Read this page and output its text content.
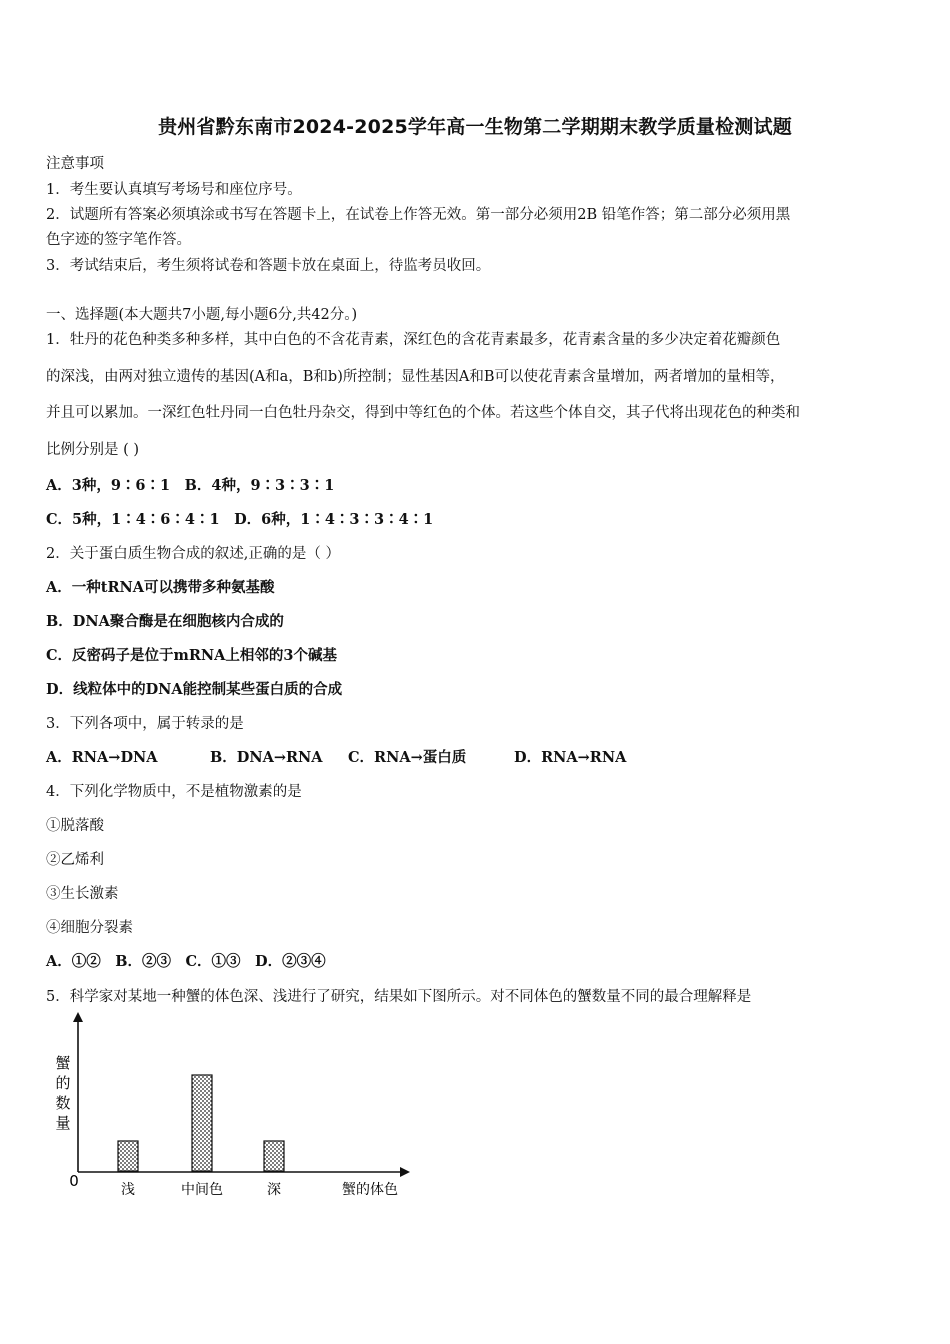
贵州省黔东南市2024-2025学年高一生物第二学期期末教学质量检测试题
注意事项
1．考生要认真填写考场号和座位序号。
2．试题所有答案必须填涂或书写在答题卡上，在试卷上作答无效。第一部分必须用2B 铅笔作答；第二部分必须用黑
色字迹的签字笔作答。
3．考试结束后，考生须将试卷和答题卡放在桌面上，待监考员收回。
一、选择题(本大题共7小题,每小题6分,共42分。)
1．牡丹的花色种类多种多样，其中白色的不含花青素，深红色的含花青素最多，花青素含量的多少决定着花瓣颜色
的深浅，由两对独立遗传的基因(A和a，B和b)所控制；显性基因A和B可以使花青素含量增加，两者增加的量相等，
并且可以累加。一深红色牡丹同一白色牡丹杂交，得到中等红色的个体。若这些个体自交，其子代将出现花色的种类和
比例分别是 ( )
A．3种，9∶6∶1　B．4种，9∶3∶3∶1
C．5种，1∶4∶6∶4∶1　D．6种，1∶4∶3∶3∶4∶1
2．关于蛋白质生物合成的叙述,正确的是（ ）
A．一种tRNA可以携带多种氨基酸
B．DNA聚合酶是在细胞核内合成的
C．反密码子是位于mRNA上相邻的3个碱基
D．线粒体中的DNA能控制某些蛋白质的合成
3．下列各项中，属于转录的是
A．RNA→DNA	B．DNA→RNA C．RNA→蛋白质	D．RNA→RNA
4．下列化学物质中，不是植物激素的是
①脱落酸
②乙烯利
③生长激素
④细胞分裂素
A．①②　B．②③　C．①③　D．②③④
5．科学家对某地一种蟹的体色深、浅进行了研究，结果如下图所示。对不同体色的蟹数量不同的最合理解释是
蟹的数量
0	蟹的体色
浅	中间色	深
